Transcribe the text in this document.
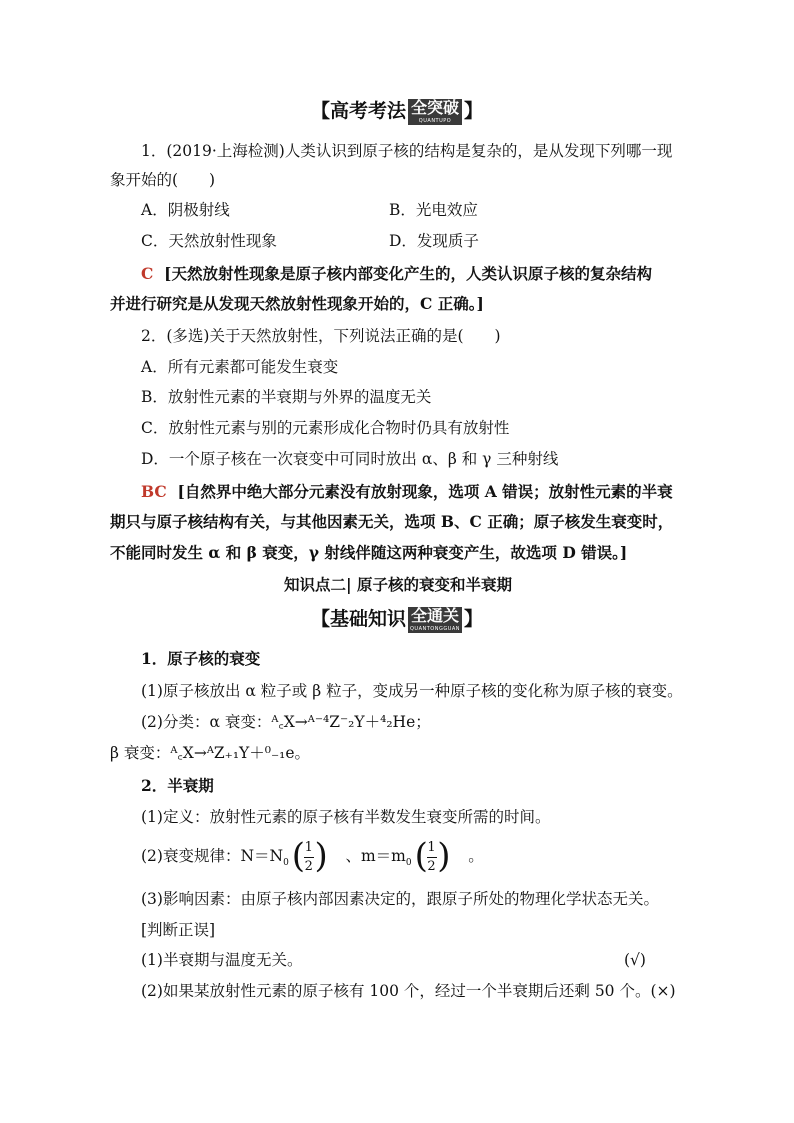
【高考考法 全突破
QUANTUPO 】
1．(2019·上海检测)人类认识到原子核的结构是复杂的，是从发现下列哪一现
象开始的(　　)
A．阴极射线	B．光电效应
C．天然放射性现象	D．发现质子
C [天然放射性现象是原子核内部变化产生的，人类认识原子核的复杂结构
并进行研究是从发现天然放射性现象开始的，C 正确。]
2．(多选)关于天然放射性，下列说法正确的是(　　)
A．所有元素都可能发生衰变
B．放射性元素的半衰期与外界的温度无关
C．放射性元素与别的元素形成化合物时仍具有放射性
D．一个原子核在一次衰变中可同时放出 α、β 和 γ 三种射线
BC [自然界中绝大部分元素没有放射现象，选项 A 错误；放射性元素的半衰
期只与原子核结构有关，与其他因素无关，选项 B、C 正确；原子核发生衰变时，
不能同时发生 α 和 β 衰变，γ 射线伴随这两种衰变产生，故选项 D 错误。]
知识点二| 原子核的衰变和半衰期
【基础知识 全通关
QUANTONGGUAN 】
1．原子核的衰变
(1)原子核放出 α 粒子或 β 粒子，变成另一种原子核的变化称为原子核的衰变。
(2)分类：α 衰变：ᴬ꜀X→ᴬ⁻⁴Z⁻₂Y＋⁴₂He；
β 衰变：ᴬ꜀X→ᴬZ₊₁Y＋⁰₋₁e。
2．半衰期
(1)定义：放射性元素的原子核有半数发生衰变所需的时间。
(2)衰变规律：$N=N_0$ (
$\frac{1}{2}$ ) 、$m=m_0$ (
$\frac{1}{2}$ ) 。
(3)影响因素：由原子核内部因素决定的，跟原子所处的物理化学状态无关。
[判断正误]
(1)半衰期与温度无关。	(√)
(2)如果某放射性元素的原子核有 100 个，经过一个半衰期后还剩 50 个。(×)
